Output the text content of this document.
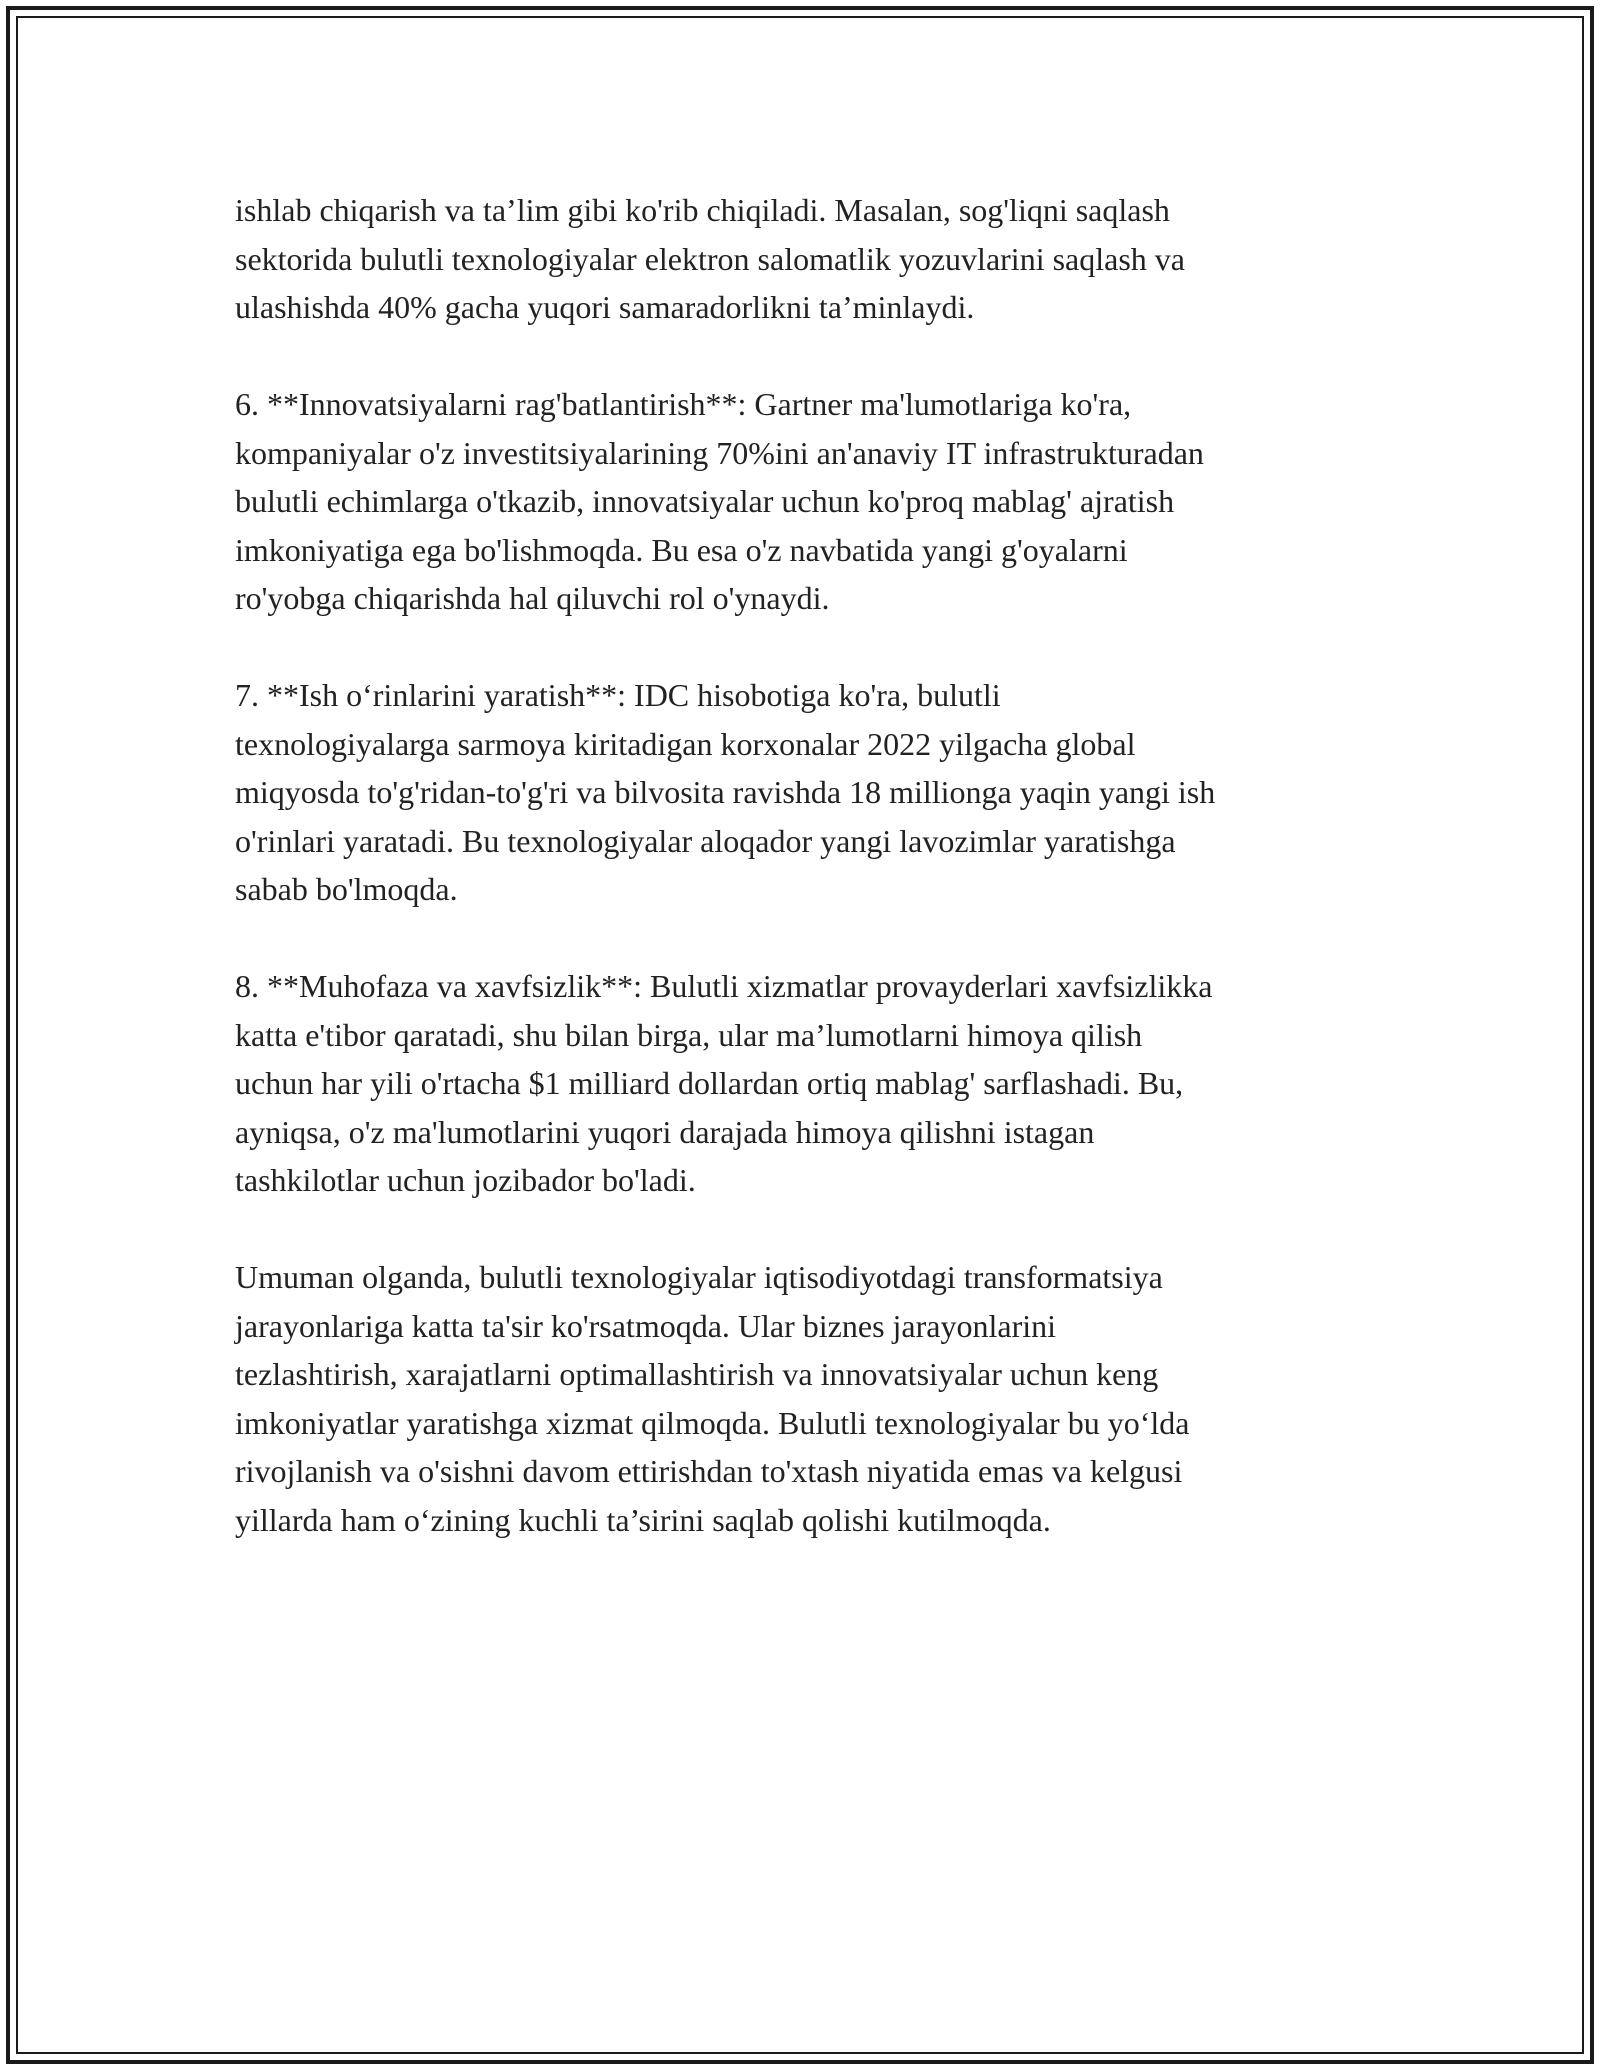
ishlab chiqarish va ta’lim gibi ko'rib chiqiladi. Masalan, sog'liqni saqlash
sektorida bulutli texnologiyalar elektron salomatlik yozuvlarini saqlash va
ulashishda 40% gacha yuqori samaradorlikni ta’minlaydi.

6. **Innovatsiyalarni rag'batlantirish**: Gartner ma'lumotlariga ko'ra,
kompaniyalar o'z investitsiyalarining 70%ini an'anaviy IT infrastrukturadan
bulutli echimlarga o'tkazib, innovatsiyalar uchun ko'proq mablag' ajratish
imkoniyatiga ega bo'lishmoqda. Bu esa o'z navbatida yangi g'oyalarni
ro'yobga chiqarishda hal qiluvchi rol o'ynaydi.

7. **Ish o‘rinlarini yaratish**: IDC hisobotiga ko'ra, bulutli
texnologiyalarga sarmoya kiritadigan korxonalar 2022 yilgacha global
miqyosda to'g'ridan-to'g'ri va bilvosita ravishda 18 millionga yaqin yangi ish
o'rinlari yaratadi. Bu texnologiyalar aloqador yangi lavozimlar yaratishga
sabab bo'lmoqda.

8. **Muhofaza va xavfsizlik**: Bulutli xizmatlar provayderlari xavfsizlikka
katta e'tibor qaratadi, shu bilan birga, ular ma’lumotlarni himoya qilish
uchun har yili o'rtacha $1 milliard dollardan ortiq mablag' sarflashadi. Bu,
ayniqsa, o'z ma'lumotlarini yuqori darajada himoya qilishni istagan
tashkilotlar uchun jozibador bo'ladi.

Umuman olganda, bulutli texnologiyalar iqtisodiyotdagi transformatsiya
jarayonlariga katta ta'sir ko'rsatmoqda. Ular biznes jarayonlarini
tezlashtirish, xarajatlarni optimallashtirish va innovatsiyalar uchun keng
imkoniyatlar yaratishga xizmat qilmoqda. Bulutli texnologiyalar bu yo‘lda
rivojlanish va o'sishni davom ettirishdan to'xtash niyatida emas va kelgusi
yillarda ham o‘zining kuchli ta’sirini saqlab qolishi kutilmoqda.
